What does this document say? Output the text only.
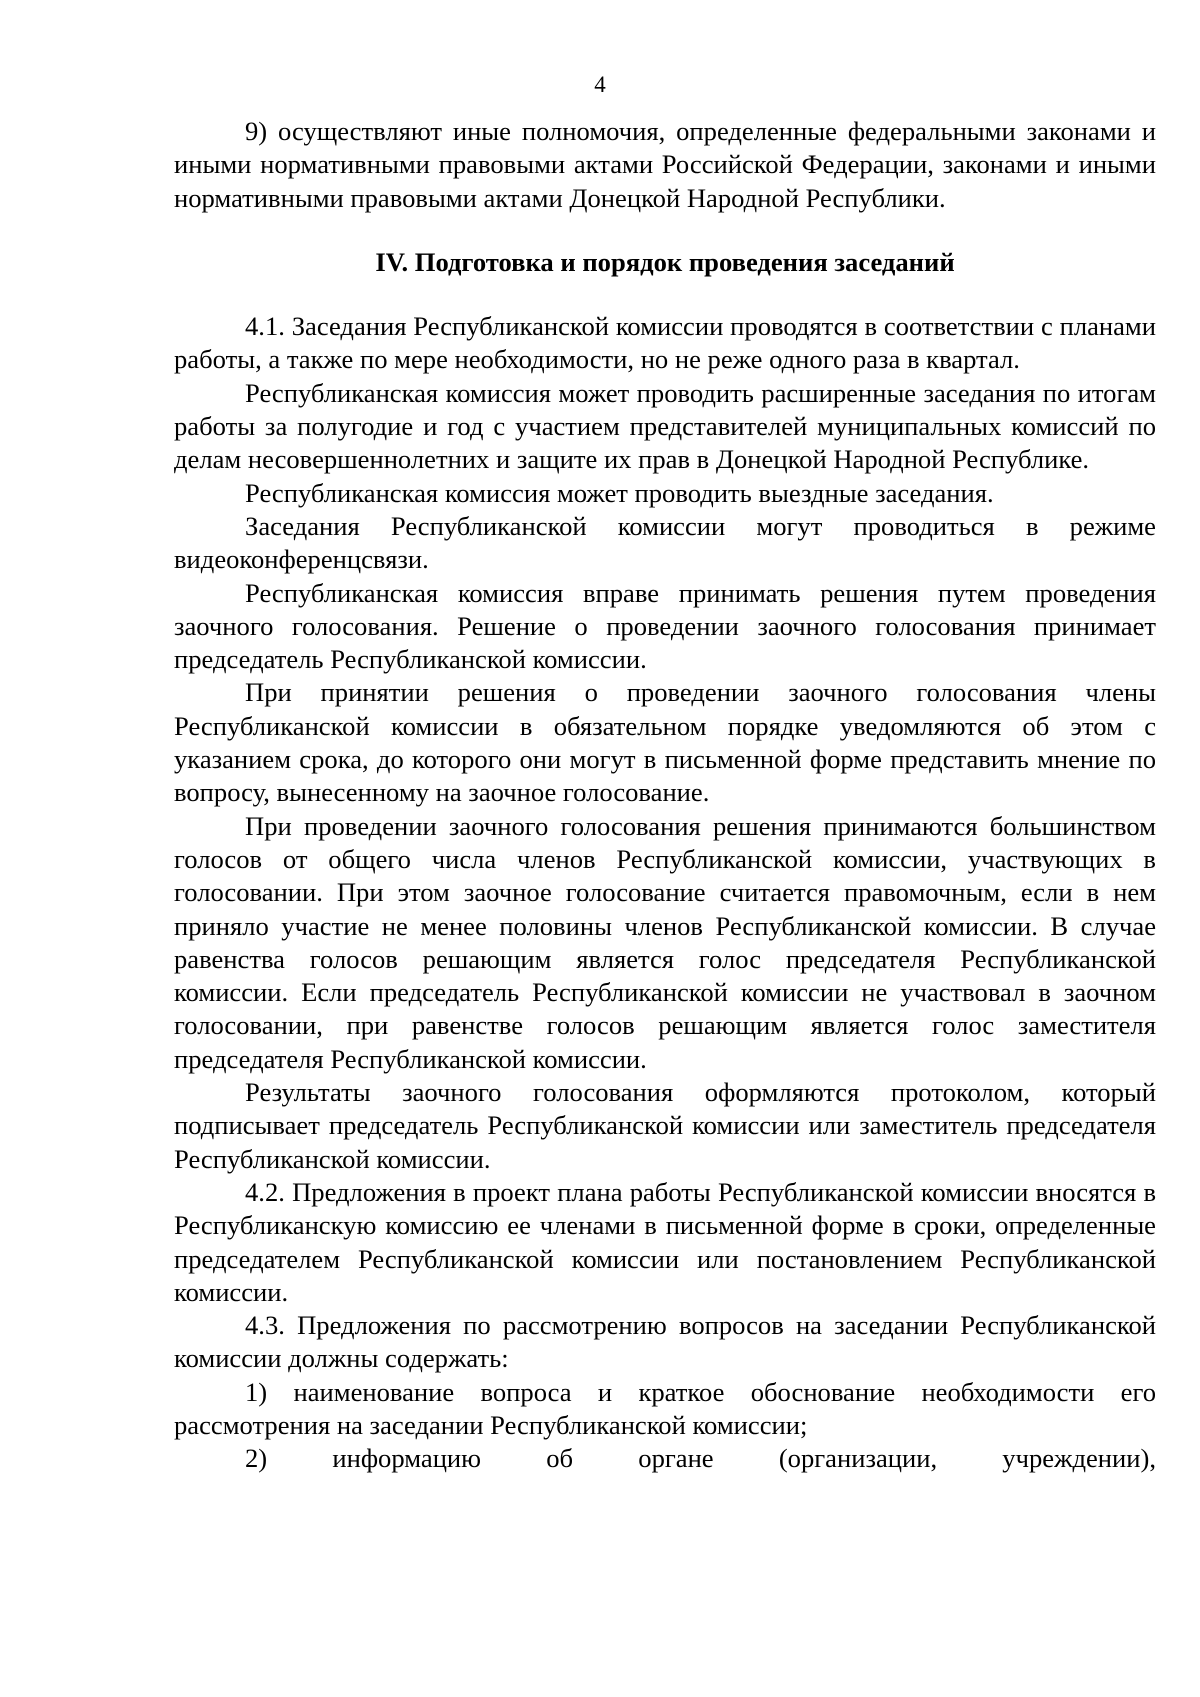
4

9) осуществляют иные полномочия, определенные федеральными законами и иными нормативными правовыми актами Российской Федерации, законами и иными нормативными правовыми актами Донецкой Народной Республики.

IV. Подготовка и порядок проведения заседаний

4.1. Заседания Республиканской комиссии проводятся в соответствии с планами работы, а также по мере необходимости, но не реже одного раза в квартал.

Республиканская комиссия может проводить расширенные заседания по итогам работы за полугодие и год с участием представителей муниципальных комиссий по делам несовершеннолетних и защите их прав в Донецкой Народной Республике.

Республиканская комиссия может проводить выездные заседания.

Заседания Республиканской комиссии могут проводиться в режиме видеоконференцсвязи.

Республиканская комиссия вправе принимать решения путем проведения заочного голосования. Решение о проведении заочного голосования принимает председатель Республиканской комиссии.

При принятии решения о проведении заочного голосования члены Республиканской комиссии в обязательном порядке уведомляются об этом с указанием срока, до которого они могут в письменной форме представить мнение по вопросу, вынесенному на заочное голосование.

При проведении заочного голосования решения принимаются большинством голосов от общего числа членов Республиканской комиссии, участвующих в голосовании. При этом заочное голосование считается правомочным, если в нем приняло участие не менее половины членов Республиканской комиссии. В случае равенства голосов решающим является голос председателя Республиканской комиссии. Если председатель Республиканской комиссии не участвовал в заочном голосовании, при равенстве голосов решающим является голос заместителя председателя Республиканской комиссии.

Результаты заочного голосования оформляются протоколом, который подписывает председатель Республиканской комиссии или заместитель председателя Республиканской комиссии.

4.2. Предложения в проект плана работы Республиканской комиссии вносятся в Республиканскую комиссию ее членами в письменной форме в сроки, определенные председателем Республиканской комиссии или постановлением Республиканской комиссии.

4.3. Предложения по рассмотрению вопросов на заседании Республиканской комиссии должны содержать:

1) наименование вопроса и краткое обоснование необходимости его рассмотрения на заседании Республиканской комиссии;

2) информацию об органе (организации, учреждении),
